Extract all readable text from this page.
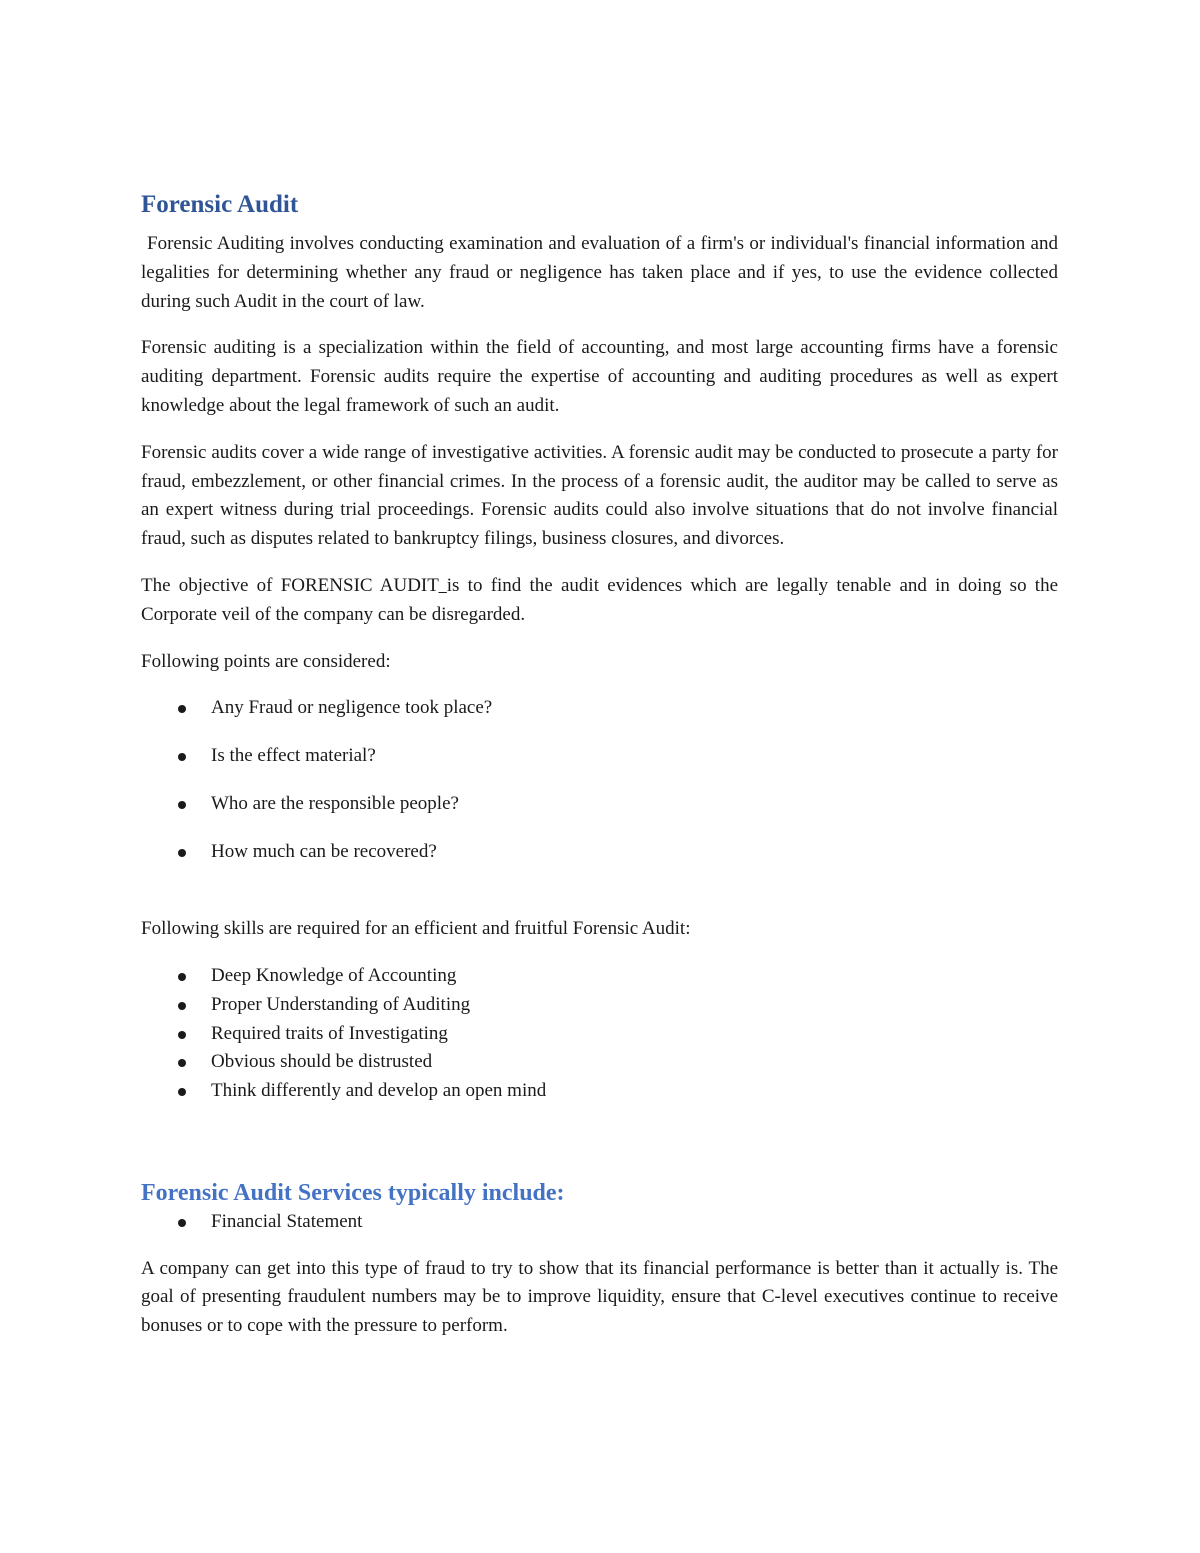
Forensic Audit

Forensic Auditing involves conducting examination and evaluation of a firm's or individual's financial information and legalities for determining whether any fraud or negligence has taken place and if yes, to use the evidence collected during such Audit in the court of law.

Forensic auditing is a specialization within the field of accounting, and most large accounting firms have a forensic auditing department. Forensic audits require the expertise of accounting and auditing procedures as well as expert knowledge about the legal framework of such an audit.

Forensic audits cover a wide range of investigative activities. A forensic audit may be conducted to prosecute a party for fraud, embezzlement, or other financial crimes. In the process of a forensic audit, the auditor may be called to serve as an expert witness during trial proceedings. Forensic audits could also involve situations that do not involve financial fraud, such as disputes related to bankruptcy filings, business closures, and divorces.

The objective of FORENSIC AUDIT is to find the audit evidences which are legally tenable and in doing so the Corporate veil of the company can be disregarded.

Following points are considered:

Any Fraud or negligence took place?
Is the effect material?
Who are the responsible people?
How much can be recovered?

Following skills are required for an efficient and fruitful Forensic Audit:

Deep Knowledge of Accounting
Proper Understanding of Auditing
Required traits of Investigating
Obvious should be distrusted
Think differently and develop an open mind
Forensic Audit Services typically include:
Financial Statement

A company can get into this type of fraud to try to show that its financial performance is better than it actually is. The goal of presenting fraudulent numbers may be to improve liquidity, ensure that C-level executives continue to receive bonuses or to cope with the pressure to perform.
